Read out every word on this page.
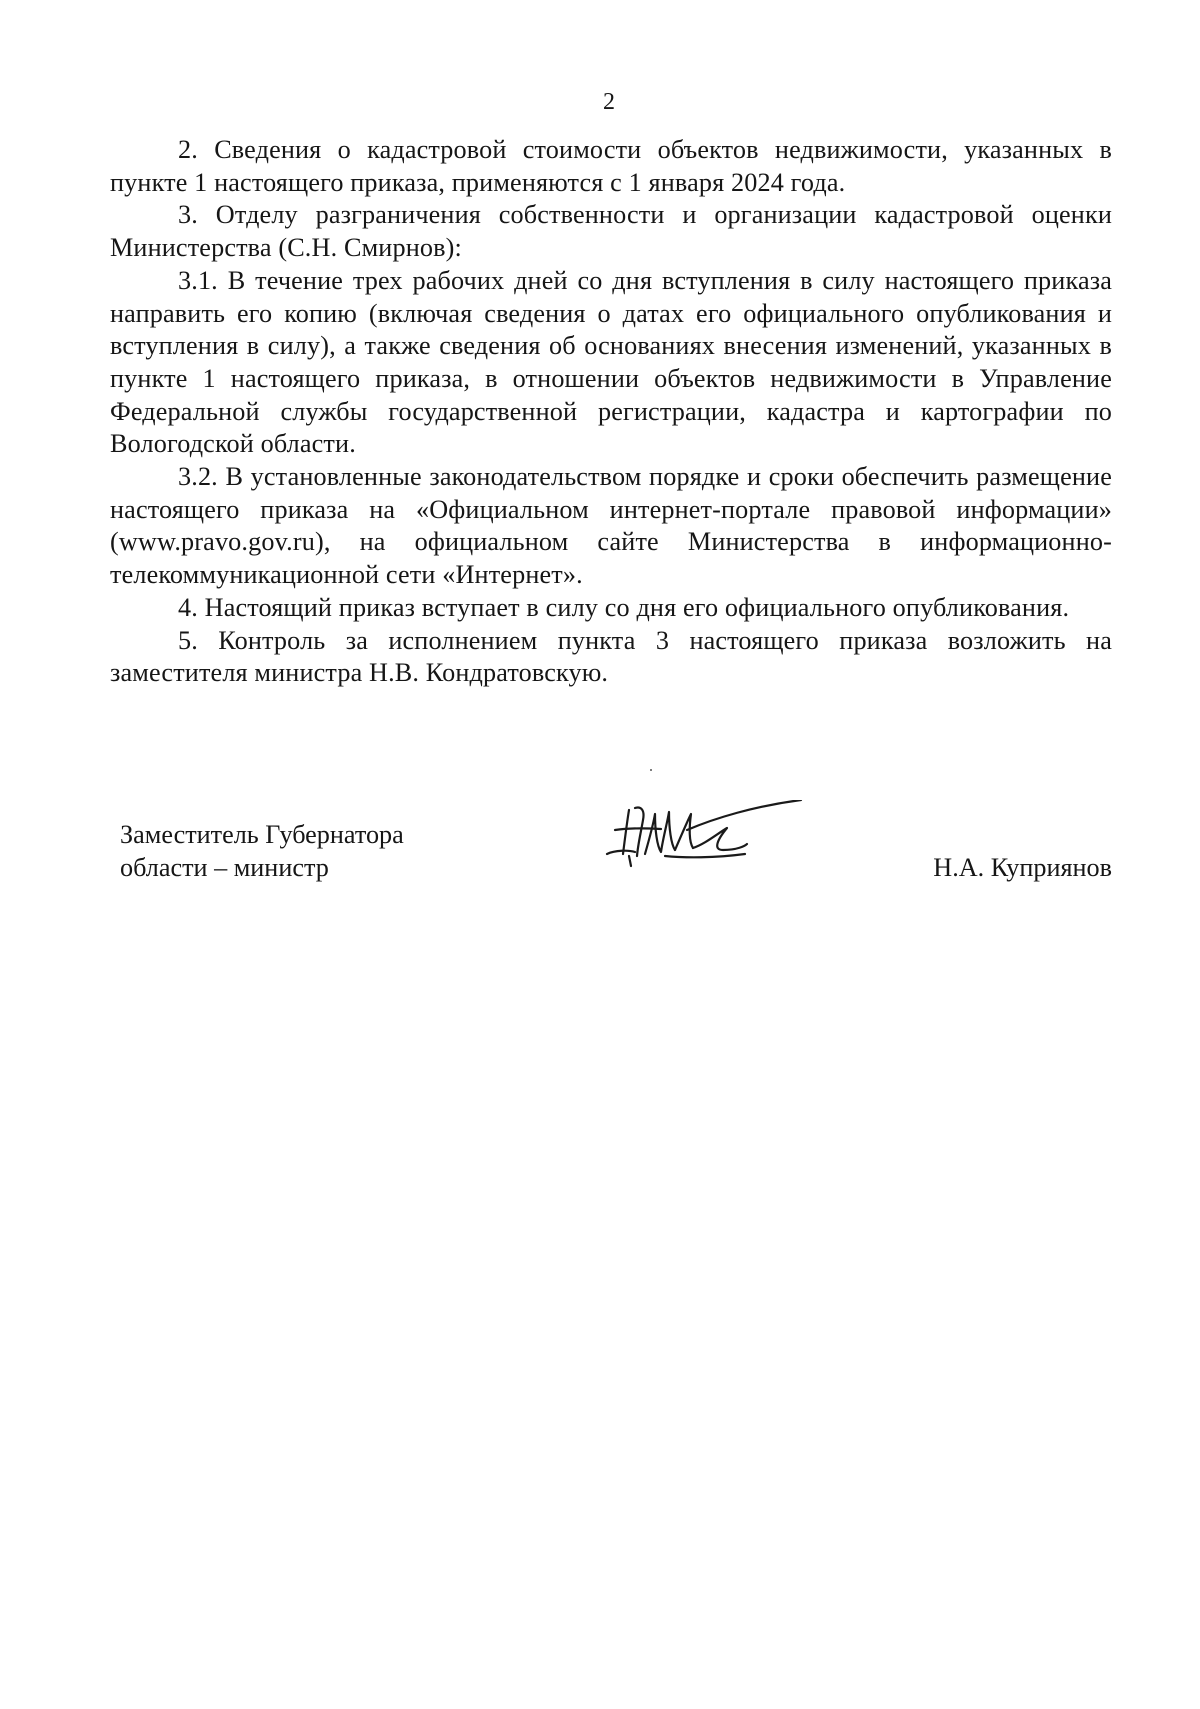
2

2. Сведения о кадастровой стоимости объектов недвижимости, указанных в пункте 1 настоящего приказа, применяются с 1 января 2024 года.

3. Отделу разграничения собственности и организации кадастровой оценки Министерства (С.Н. Смирнов):

3.1. В течение трех рабочих дней со дня вступления в силу настоящего приказа направить его копию (включая сведения о датах его официального опубликования и вступления в силу), а также сведения об основаниях внесения изменений, указанных в пункте 1 настоящего приказа, в отношении объектов недвижимости в Управление Федеральной службы государственной регистрации, кадастра и картографии по Вологодской области.

3.2. В установленные законодательством порядке и сроки обеспечить размещение настоящего приказа на «Официальном интернет-портале правовой информации» (www.pravo.gov.ru), на официальном сайте Министерства в информационно-телекоммуникационной сети «Интернет».

4. Настоящий приказ вступает в силу со дня его официального опубликования.

5. Контроль за исполнением пункта 3 настоящего приказа возложить на заместителя министра Н.В. Кондратовскую.

Заместитель Губернатора
области – министр	Н.А. Куприянов
